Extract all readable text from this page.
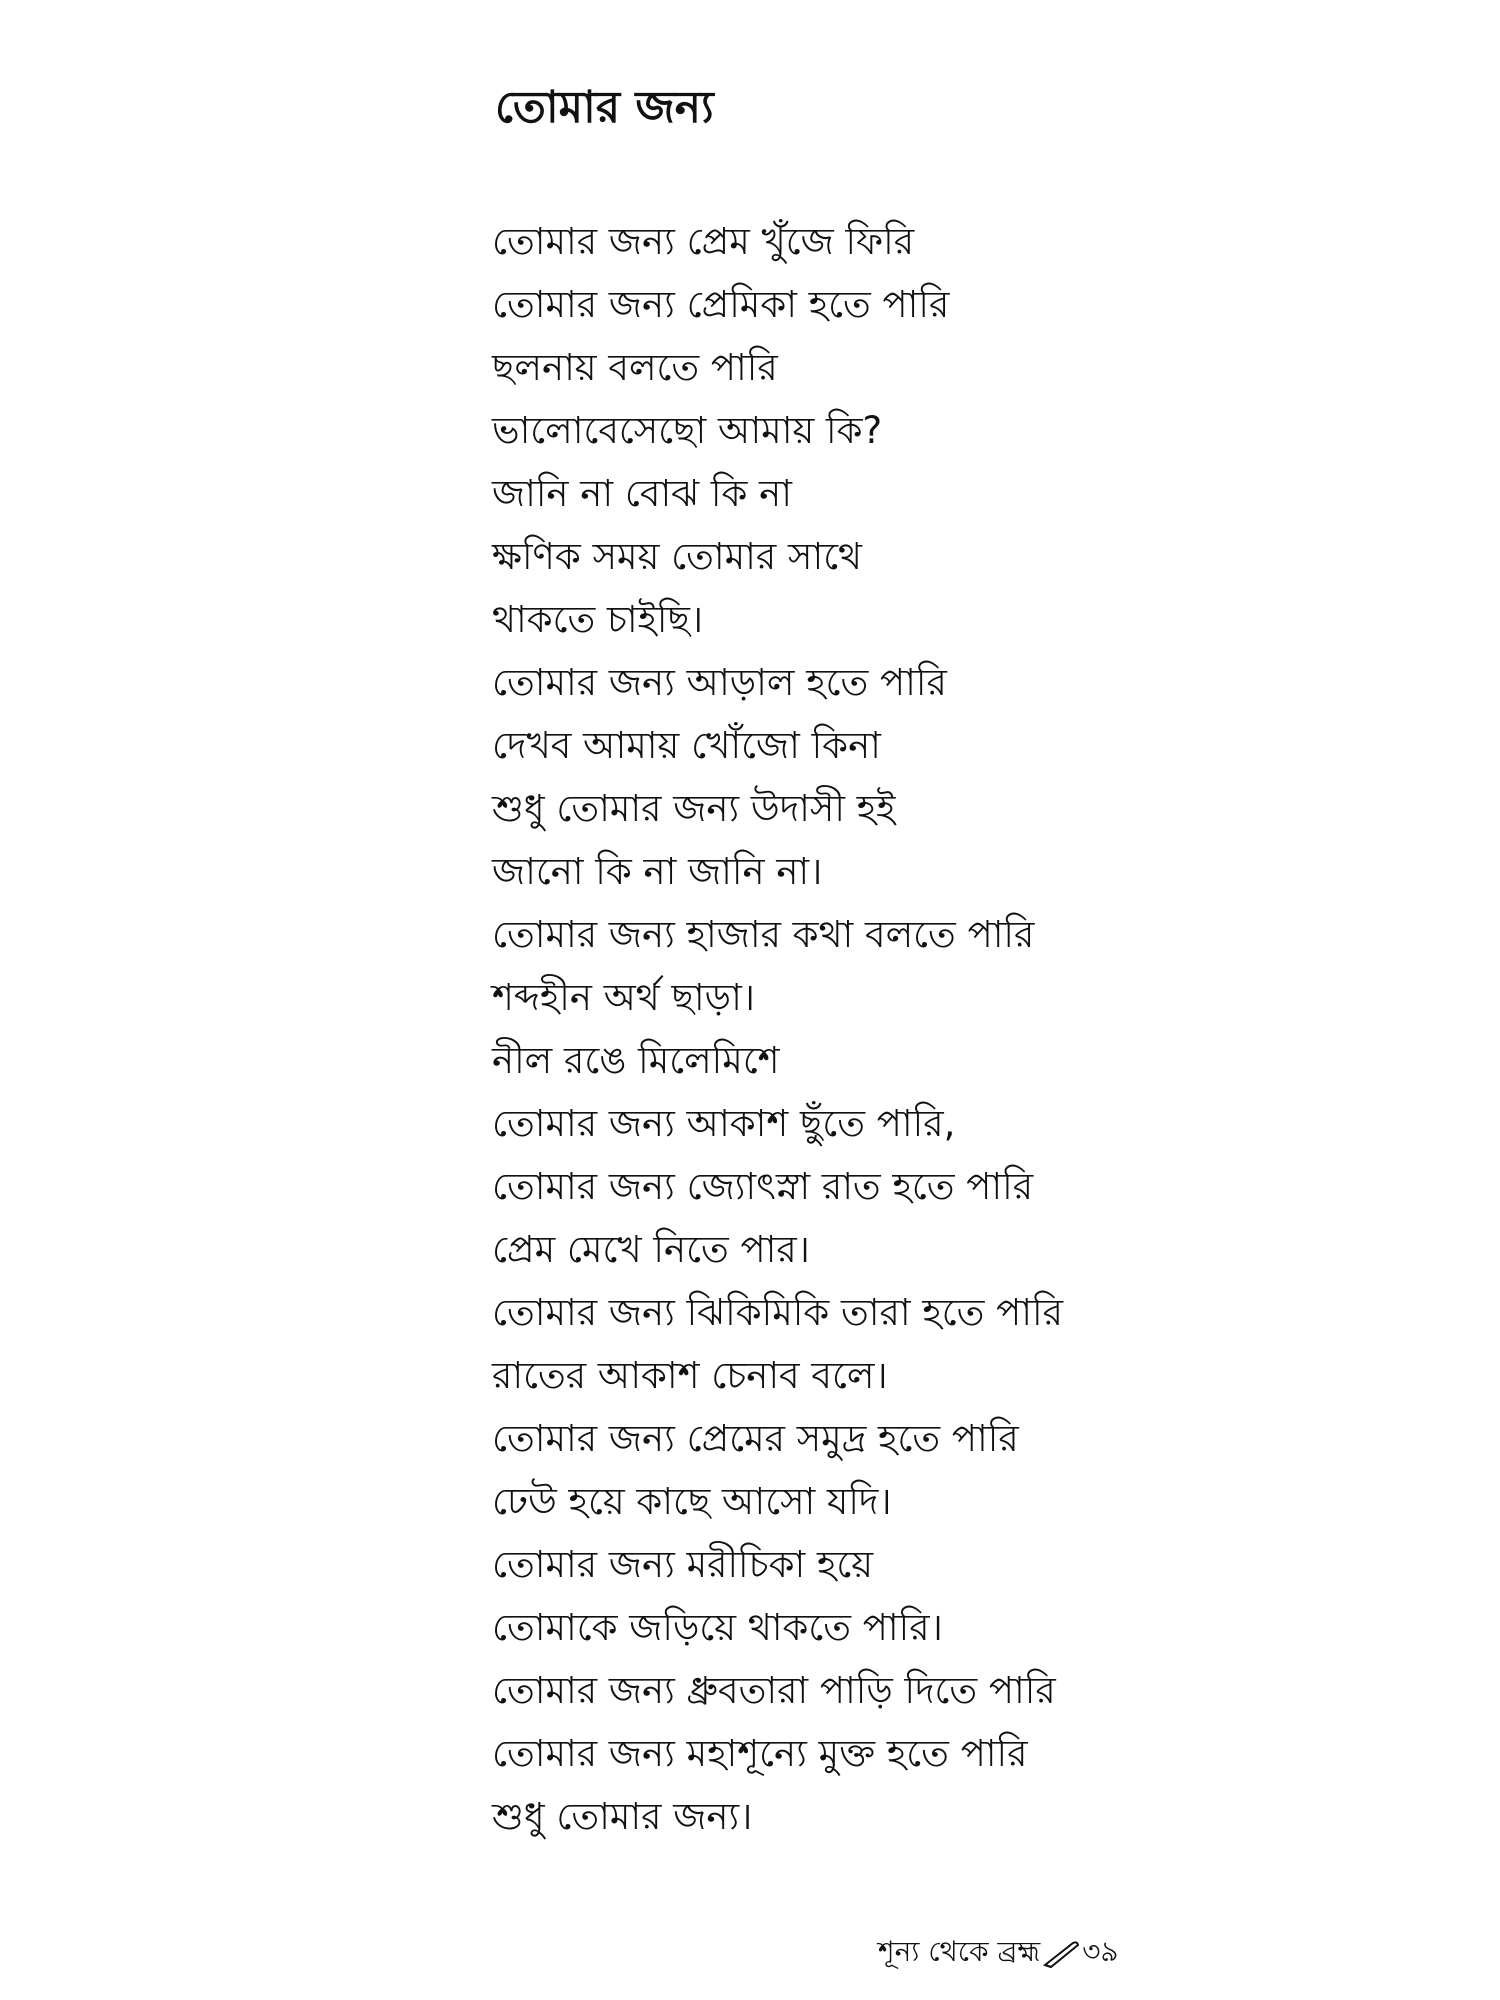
তোমার জন্য
তোমার জন্য প্রেম খুঁজে ফিরি
তোমার জন্য প্রেমিকা হতে পারি
ছলনায় বলতে পারি
ভালোবেসেছো আমায় কি?
জানি না বোঝ কি না
ক্ষণিক সময় তোমার সাথে
থাকতে চাইছি।
তোমার জন্য আড়াল হতে পারি
দেখব আমায় খোঁজো কিনা
শুধু তোমার জন্য উদাসী হই
জানো কি না জানি না।
তোমার জন্য হাজার কথা বলতে পারি
শব্দহীন অর্থ ছাড়া।
নীল রঙে মিলেমিশে
তোমার জন্য আকাশ ছুঁতে পারি,
তোমার জন্য জ্যোৎস্না রাত হতে পারি
প্রেম মেখে নিতে পার।
তোমার জন্য ঝিকিমিকি তারা হতে পারি
রাতের আকাশ চেনাব বলে।
তোমার জন্য প্রেমের সমুদ্র হতে পারি
ঢেউ হয়ে কাছে আসো যদি।
তোমার জন্য মরীচিকা হয়ে
তোমাকে জড়িয়ে থাকতে পারি।
তোমার জন্য ধ্রুবতারা পাড়ি দিতে পারি
তোমার জন্য মহাশূন্যে মুক্ত হতে পারি
শুধু তোমার জন্য।
শূন্য থেকে ব্রহ্ম ৩৯
